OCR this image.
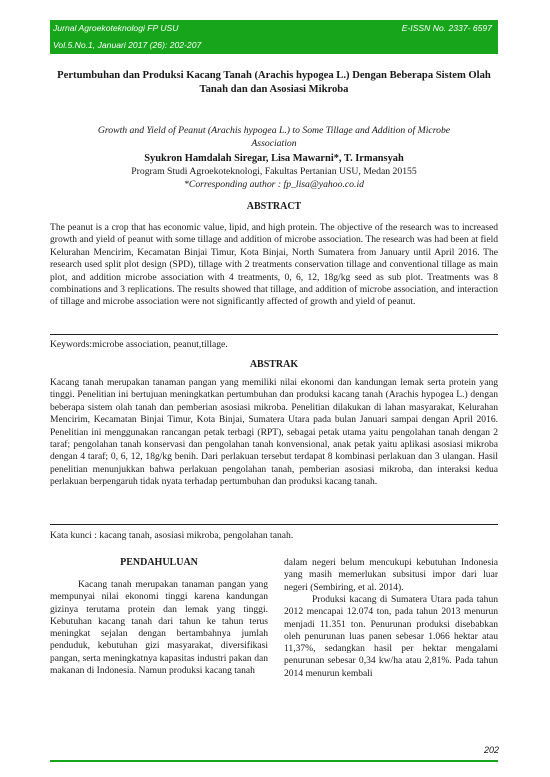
Jurnal Agroekoteknologi FP USU	E-ISSN No. 2337- 6597
Vol.5.No.1, Januari 2017 (26): 202-207
Pertumbuhan dan Produksi Kacang Tanah (Arachis hypogea L.) Dengan Beberapa Sistem Olah
Tanah dan dan Asosiasi Mikroba
Growth and Yield of Peanut (Arachis hypogea L.) to Some Tillage and Addition of Microbe
Association
Syukron Hamdalah Siregar, Lisa Mawarni*, T. Irmansyah
Program Studi Agroekoteknologi, Fakultas Pertanian USU, Medan 20155
*Corresponding author : fp_lisa@yahoo.co.id
ABSTRACT
The peanut is a crop that has economic value, lipid, and high protein. The objective of the research was to increased growth and yield of peanut with some tillage and addition of microbe association. The research was had been at field Kelurahan Mencirim, Kecamatan Binjai Timur, Kota Binjai, North Sumatera from January until April 2016. The research used split plot design (SPD), tillage with 2 treatments conservation tillage and conventional tillage as main plot, and addition microbe association with 4 treatments, 0, 6, 12, 18g/kg seed as sub plot. Treatments was 8 combinations and 3 replications. The results showed that tillage, and addition of microbe association, and interaction of tillage and microbe association were not significantly affected of growth and yield of peanut.
Keywords:microbe association, peanut,tillage.
ABSTRAK
Kacang tanah merupakan tanaman pangan yang memiliki nilai ekonomi dan kandungan lemak serta protein yang tinggi. Penelitian ini bertujuan meningkatkan pertumbuhan dan produksi kacang tanah (Arachis hypogea L.) dengan beberapa sistem olah tanah dan pemberian asosiasi mikroba. Penelitian dilakukan di lahan masyarakat, Kelurahan Mencirim, Kecamatan Binjai Timur, Kota Binjai, Sumatera Utara pada bulan Januari sampai dengan April 2016. Penelitian ini menggunakan rancangan petak terbagi (RPT), sebagai petak utama yaitu pengolahan tanah dengan 2 taraf; pengolahan tanah konservasi dan pengolahan tanah konvensional, anak petak yaitu aplikasi asosiasi mikroba dengan 4 taraf; 0, 6, 12, 18g/kg benih. Dari perlakuan tersebut terdapat 8 kombinasi perlakuan dan 3 ulangan. Hasil penelitian menunjukkan bahwa perlakuan pengolahan tanah, pemberian asosiasi mikroba, dan interaksi kedua perlakuan berpengaruh tidak nyata terhadap pertumbuhan dan produksi kacang tanah.
Kata kunci : kacang tanah, asosiasi mikroba, pengolahan tanah.
PENDAHULUAN
Kacang tanah merupakan tanaman pangan yang mempunyai nilai ekonomi tinggi karena kandungan gizinya terutama protein dan lemak yang tinggi. Kebutuhan kacang tanah dari tahun ke tahun terus meningkat sejalan dengan bertambahnya jumlah penduduk, kebutuhan gizi masyarakat, diversifikasi pangan, serta meningkatnya kapasitas industri pakan dan makanan di Indonesia. Namun produksi kacang tanah
dalam negeri belum mencukupi kebutuhan Indonesia yang masih memerlukan subsitusi impor dari luar negeri (Sembiring, et al. 2014).
Produksi kacang di Sumatera Utara pada tahun 2012 mencapai 12.074 ton, pada tahun 2013 menurun menjadi 11.351 ton. Penurunan produksi disebabkan oleh penurunan luas panen sebesar 1.066 hektar atau 11,37%, sedangkan hasil per hektar mengalami penurunan sebesar 0,34 kw/ha atau 2,81%. Pada tahun 2014 menurun kembali
202
